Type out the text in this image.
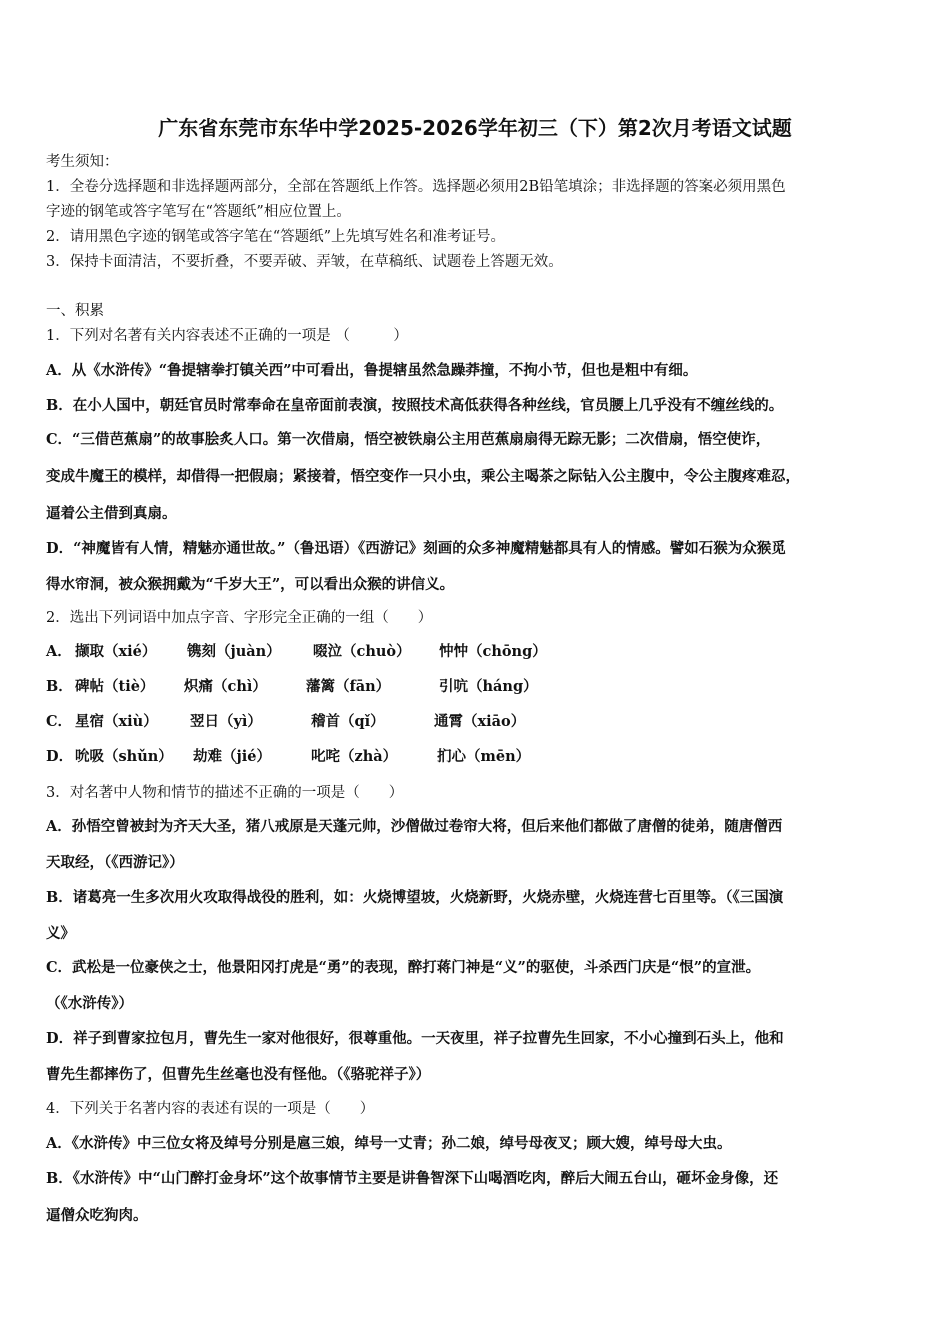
广东省东莞市东华中学2025-2026学年初三（下）第2次月考语文试题
考生须知：
1．全卷分选择题和非选择题两部分，全部在答题纸上作答。选择题必须用2B铅笔填涂；非选择题的答案必须用黑色
字迹的钢笔或答字笔写在“答题纸”相应位置上。
2．请用黑色字迹的钢笔或答字笔在“答题纸”上先填写姓名和准考证号。
3．保持卡面清洁，不要折叠，不要弄破、弄皱，在草稿纸、试题卷上答题无效。
一、积累
1．下列对名著有关内容表述不正确的一项是 （　　　）
A．从《水浒传》“鲁提辖拳打镇关西”中可看出，鲁提辖虽然急躁莽撞，不拘小节，但也是粗中有细。
B．在小人国中，朝廷官员时常奉命在皇帝面前表演，按照技术高低获得各种丝线，官员腰上几乎没有不缠丝线的。
C．“三借芭蕉扇”的故事脍炙人口。第一次借扇，悟空被铁扇公主用芭蕉扇扇得无踪无影；二次借扇，悟空使诈，
变成牛魔王的模样，却借得一把假扇；紧接着，悟空变作一只小虫，乘公主喝茶之际钻入公主腹中，令公主腹疼难忍，
逼着公主借到真扇。
D．“神魔皆有人情，精魅亦通世故。”（鲁迅语）《西游记》刻画的众多神魔精魅都具有人的情感。譬如石猴为众猴觅
得水帘洞，被众猴拥戴为“千岁大王”，可以看出众猴的讲信义。
2．选出下列词语中加点字音、字形完全正确的一组（　　）
A． 撷取（xié） 镌刻（juàn） 啜泣（chuò） 忡忡（chōng）
B． 碑帖（tiè） 炽痛（chì）	藩篱（fān）	引吭（háng）
C． 星宿（xiù） 翌日（yì）	稽首（qǐ）	通霄（xiāo）
D． 吮吸（shǔn） 劫难（jié）	叱咤（zhà）	扪心（mēn）
3．对名著中人物和情节的描述不正确的一项是（　　）
A．孙悟空曾被封为齐天大圣，猪八戒原是天蓬元帅，沙僧做过卷帘大将，但后来他们都做了唐僧的徒弟，随唐僧西
天取经，（《西游记》）
B．诸葛亮一生多次用火攻取得战役的胜利，如：火烧博望坡，火烧新野，火烧赤壁，火烧连营七百里等。（《三国演
义》
C．武松是一位豪侠之士，他景阳冈打虎是“勇”的表现，醉打蒋门神是“义”的驱使，斗杀西门庆是“恨”的宣泄。
（《水浒传》）
D．祥子到曹家拉包月，曹先生一家对他很好，很尊重他。一天夜里，祥子拉曹先生回家，不小心撞到石头上，他和
曹先生都摔伤了，但曹先生丝毫也没有怪他。（《骆驼祥子》）
4．下列关于名著内容的表述有误的一项是（　　）
A．《水浒传》中三位女将及绰号分别是扈三娘，绰号一丈青；孙二娘，绰号母夜叉；顾大嫂，绰号母大虫。
B．《水浒传》中“山门醉打金身坏”这个故事情节主要是讲鲁智深下山喝酒吃肉，醉后大闹五台山，砸坏金身像，还
逼僧众吃狗肉。
